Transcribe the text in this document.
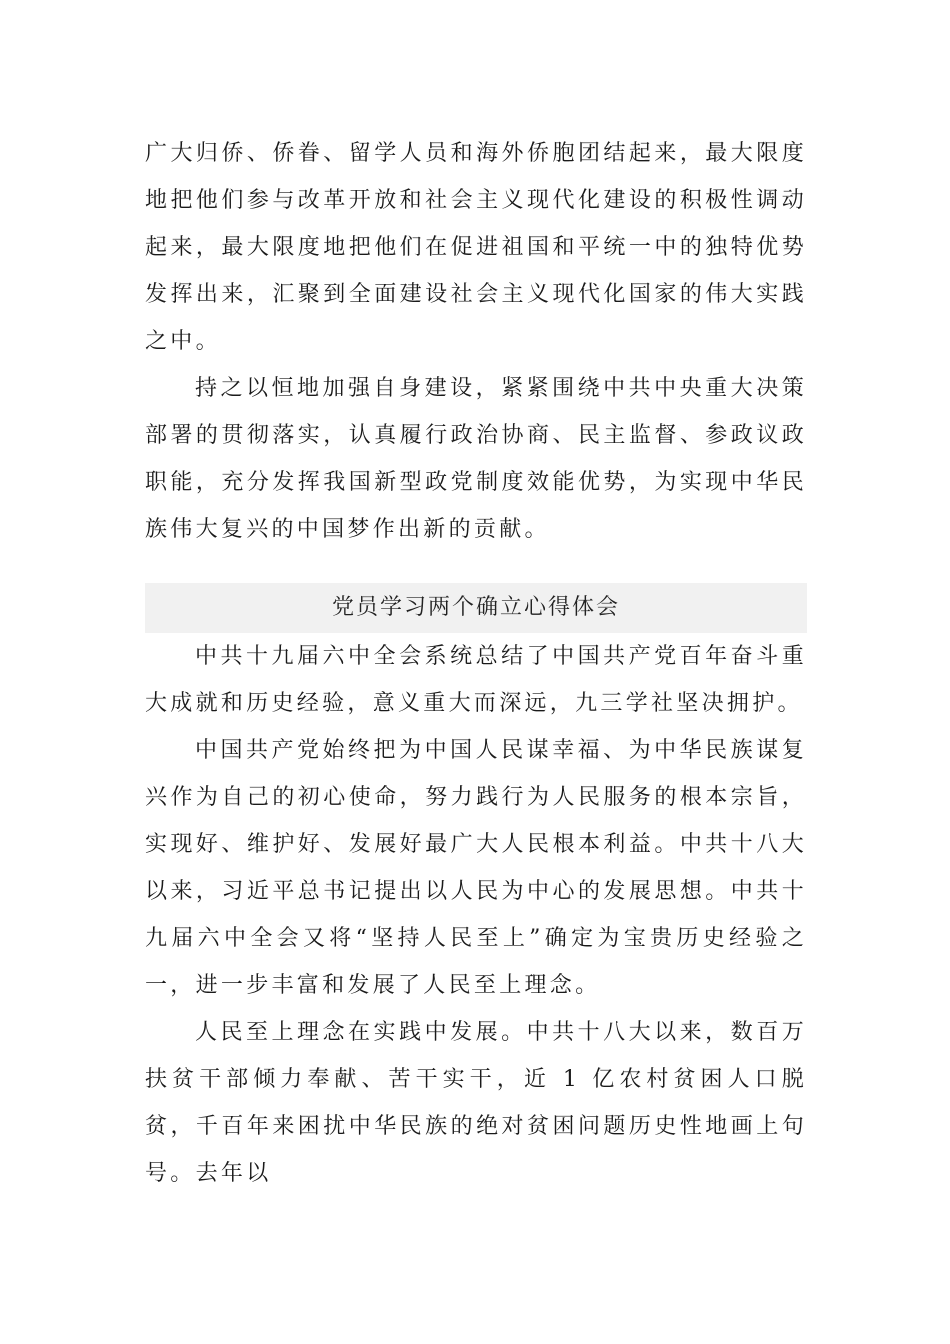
广大归侨、侨眷、留学人员和海外侨胞团结起来，最大限度地把他们参与改革开放和社会主义现代化建设的积极性调动起来，最大限度地把他们在促进祖国和平统一中的独特优势发挥出来，汇聚到全面建设社会主义现代化国家的伟大实践之中。

持之以恒地加强自身建设，紧紧围绕中共中央重大决策部署的贯彻落实，认真履行政治协商、民主监督、参政议政职能，充分发挥我国新型政党制度效能优势，为实现中华民族伟大复兴的中国梦作出新的贡献。

党员学习两个确立心得体会

中共十九届六中全会系统总结了中国共产党百年奋斗重大成就和历史经验，意义重大而深远，九三学社坚决拥护。

中国共产党始终把为中国人民谋幸福、为中华民族谋复兴作为自己的初心使命，努力践行为人民服务的根本宗旨，实现好、维护好、发展好最广大人民根本利益。中共十八大以来，习近平总书记提出以人民为中心的发展思想。中共十九届六中全会又将“坚持人民至上”确定为宝贵历史经验之一，进一步丰富和发展了人民至上理念。

人民至上理念在实践中发展。中共十八大以来，数百万扶贫干部倾力奉献、苦干实干，近 1 亿农村贫困人口脱贫，千百年来困扰中华民族的绝对贫困问题历史性地画上句号。去年以
